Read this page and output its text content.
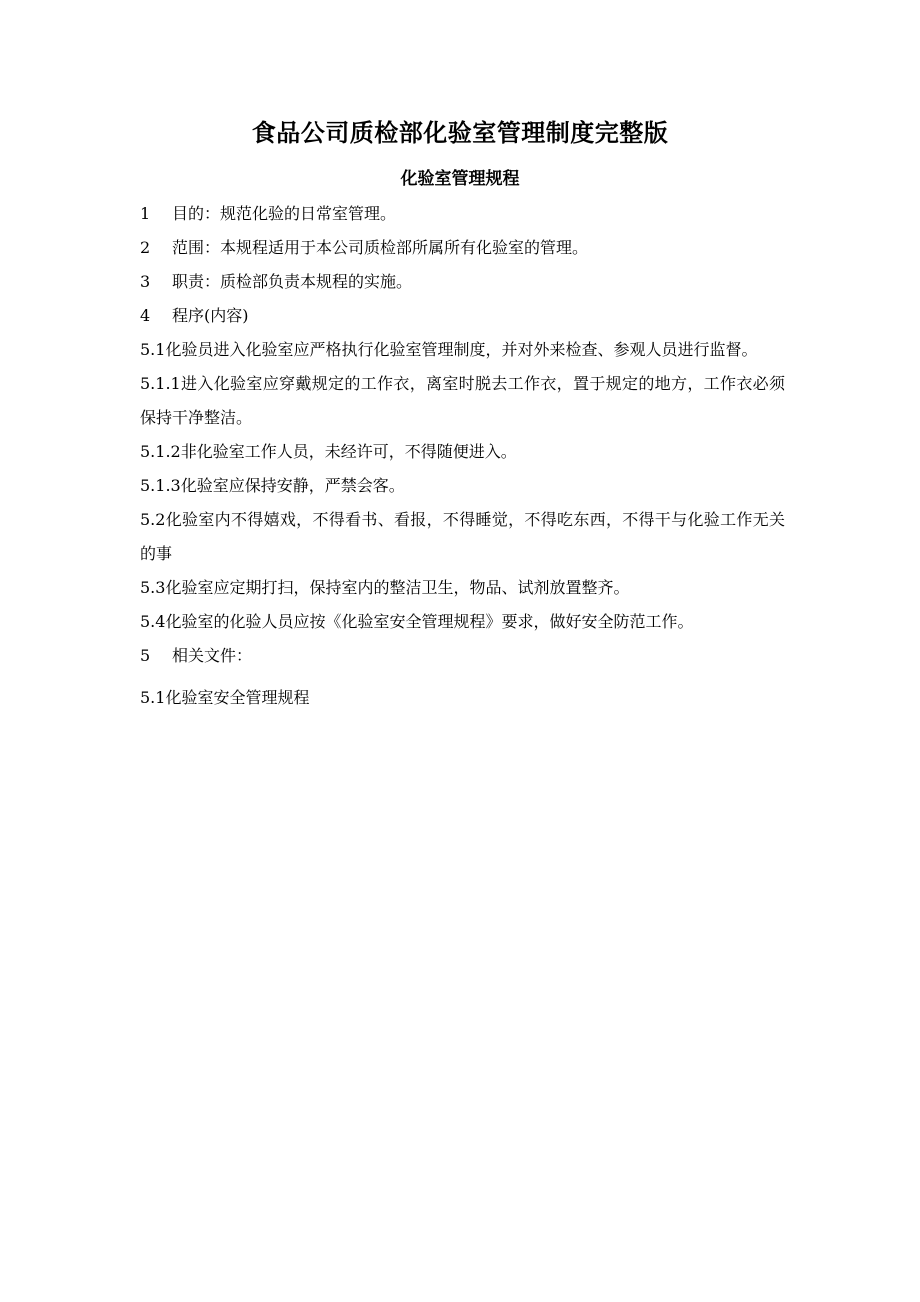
食品公司质检部化验室管理制度完整版
化验室管理规程

1	目的：规范化验的日常室管理。

2	范围：本规程适用于本公司质检部所属所有化验室的管理。

3	职责：质检部负责本规程的实施。

4	程序(内容)

5.1化验员进入化验室应严格执行化验室管理制度，并对外来检查、参观人员进行监督。

5.1.1进入化验室应穿戴规定的工作衣，离室时脱去工作衣，置于规定的地方，工作衣必须保持干净整洁。

5.1.2非化验室工作人员，未经许可，不得随便进入。

5.1.3化验室应保持安静，严禁会客。

5.2化验室内不得嬉戏，不得看书、看报，不得睡觉，不得吃东西，不得干与化验工作无关的事

5.3化验室应定期打扫，保持室内的整洁卫生，物品、试剂放置整齐。

5.4化验室的化验人员应按《化验室安全管理规程》要求，做好安全防范工作。

5	相关文件：

5.1化验室安全管理规程
